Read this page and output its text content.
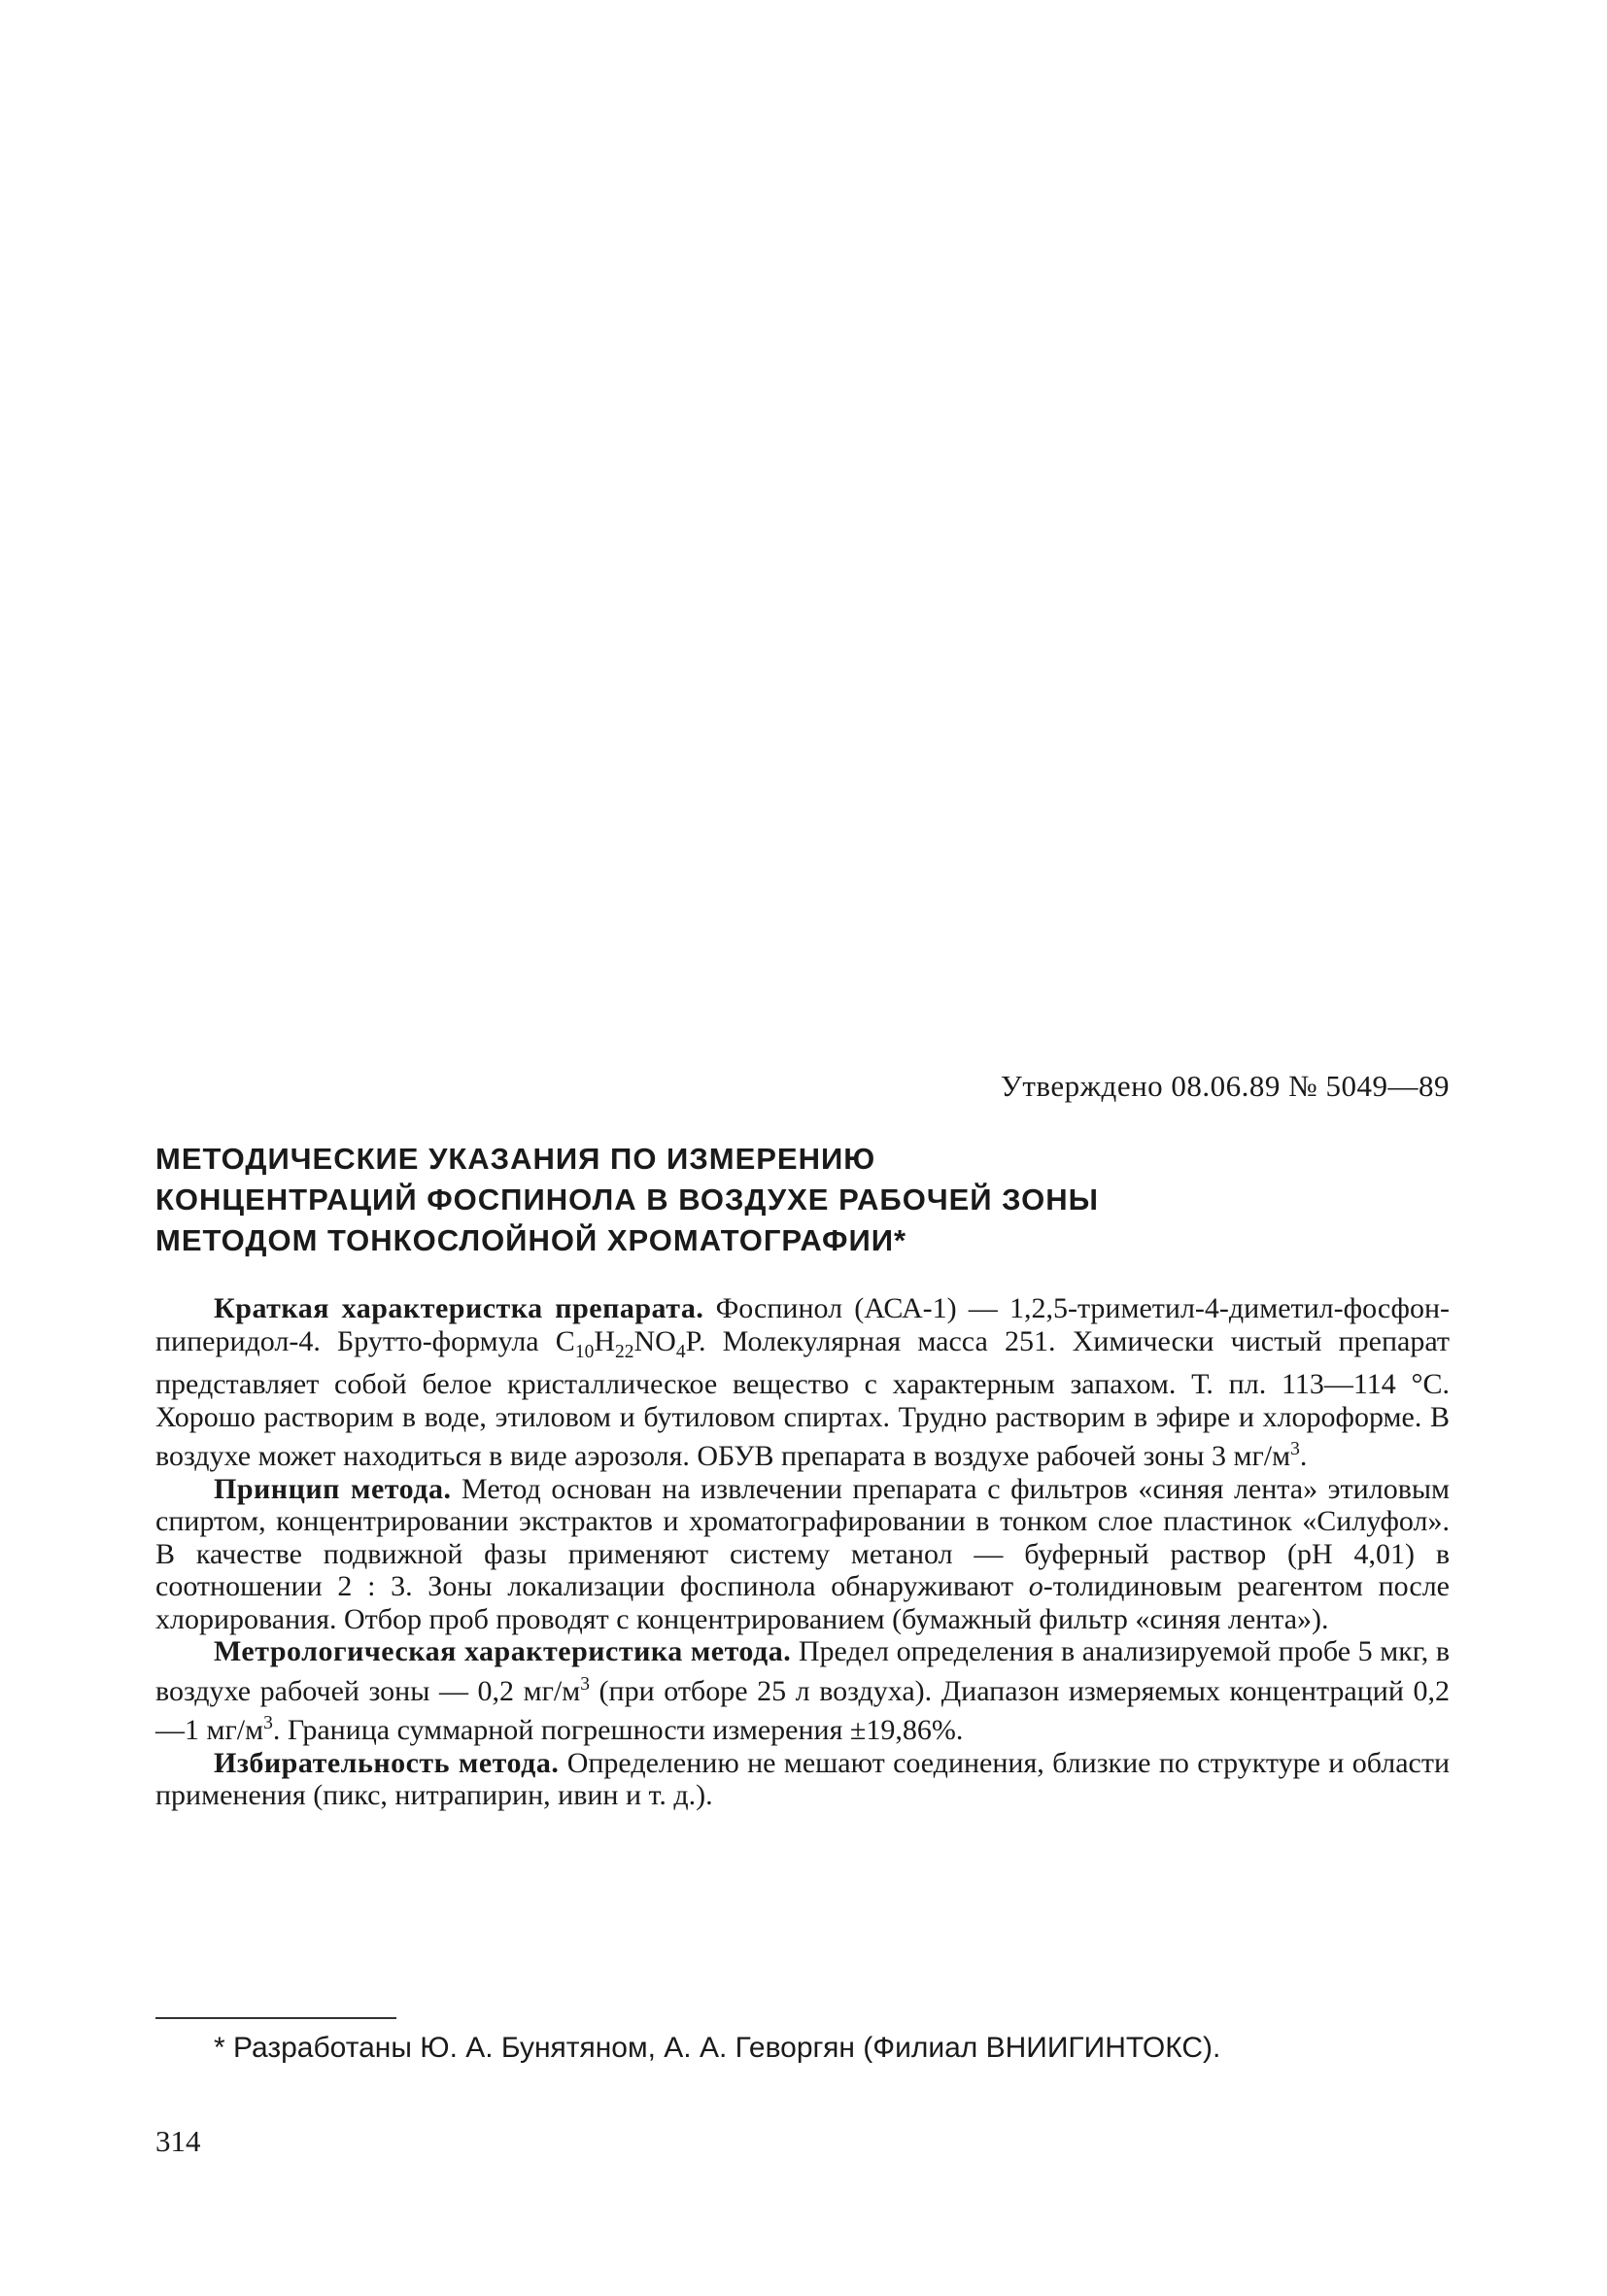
Утверждено 08.06.89 № 5049—89
МЕТОДИЧЕСКИЕ УКАЗАНИЯ ПО ИЗМЕРЕНИЮ
КОНЦЕНТРАЦИЙ ФОСПИНОЛА В ВОЗДУХЕ РАБОЧЕЙ ЗОНЫ
МЕТОДОМ ТОНКОСЛОЙНОЙ ХРОМАТОГРАФИИ*

Краткая характеристка препарата. Фоспинол (АСА-1) — 1,2,5-триметил-4-диметил-фосфон-пиперидол-4. Брутто-формула $C_{10}H_{22}NO_4P$. Молекулярная масса 251. Химически чистый препарат представляет собой белое кристаллическое вещество с характерным запахом. Т. пл. 113—114 °C. Хорошо растворим в воде, этиловом и бутиловом спиртах. Трудно растворим в эфире и хлороформе. В воздухе может находиться в виде аэрозоля. ОБУВ препарата в воздухе рабочей зоны 3 $мг/м^3$.

Принцип метода. Метод основан на извлечении препарата с фильтров «синяя лента» этиловым спиртом, концентрировании экстрактов и хроматографировании в тонком слое пластинок «Силуфол». В качестве подвижной фазы применяют систему метанол — буферный раствор (pH 4,01) в соотношении 2 : 3. Зоны локализации фоспинола обнаруживают о-толидиновым реагентом после хлорирования. Отбор проб проводят с концентрированием (бумажный фильтр «синяя лента»).

Метрологическая характеристика метода. Предел определения в анализируемой пробе 5 мкг, в воздухе рабочей зоны — 0,2 $мг/м^3$ (при отборе 25 л воздуха). Диапазон измеряемых концентраций 0,2—1 $мг/м^3$. Граница суммарной погрешности измерения ±19,86%.

Избирательность метода. Определению не мешают соединения, близкие по структуре и области применения (пикс, нитрапирин, ивин и т. д.).

* Разработаны Ю. А. Бунятяном, А. А. Геворгян (Филиал ВНИИГИНТОКС).

314
